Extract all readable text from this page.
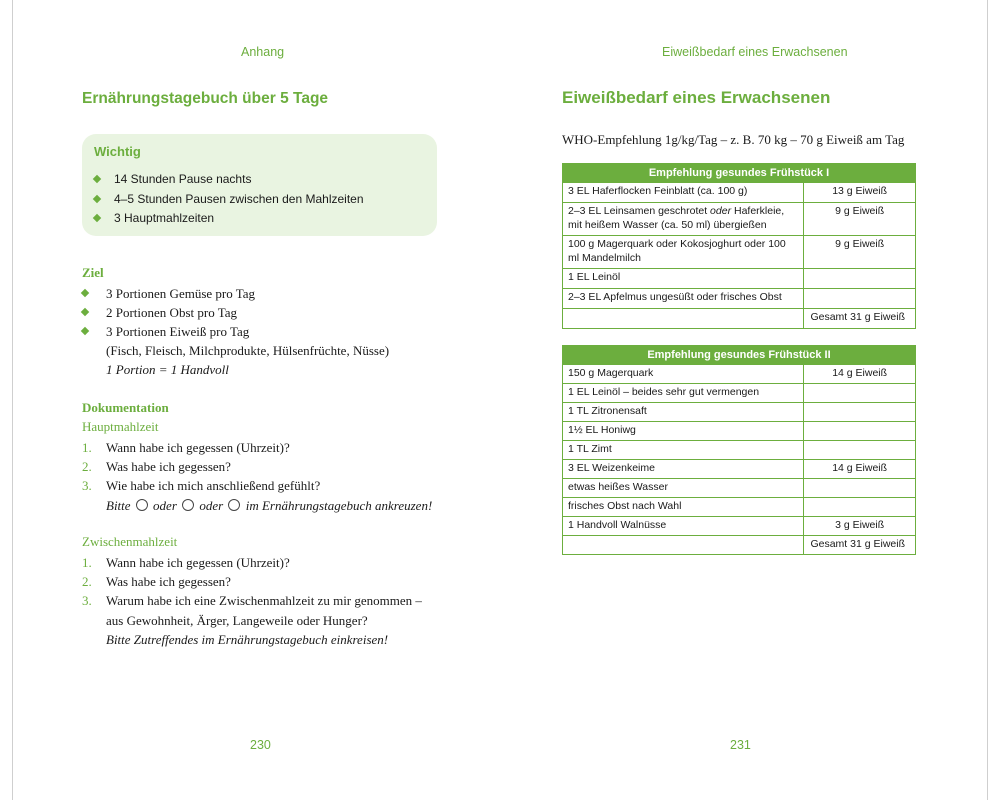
Anhang
Ernährungstagebuch über 5 Tage
Wichtig
14 Stunden Pause nachts
4–5 Stunden Pausen zwischen den Mahlzeiten
3 Hauptmahlzeiten
Ziel
3 Portionen Gemüse pro Tag
2 Portionen Obst pro Tag
3 Portionen Eiweiß pro Tag
(Fisch, Fleisch, Milchprodukte, Hülsenfrüchte, Nüsse)
1 Portion = 1 Handvoll
Dokumentation
Hauptmahlzeit
1. Wann habe ich gegessen (Uhrzeit)?
2. Was habe ich gegessen?
3. Wie habe ich mich anschließend gefühlt?
Bitte oder oder im Ernährungstagebuch ankreuzen!
Zwischenmahlzeit
1. Wann habe ich gegessen (Uhrzeit)?
2. Was habe ich gegessen?
3. Warum habe ich eine Zwischenmahlzeit zu mir genommen –
aus Gewohnheit, Ärger, Langeweile oder Hunger?
Bitte Zutreffendes im Ernährungstagebuch einkreisen!
230
Eiweißbedarf eines Erwachsenen
Eiweißbedarf eines Erwachsenen
WHO-Empfehlung 1g/kg/Tag – z. B. 70 kg – 70 g Eiweiß am Tag
Empfehlung gesundes Frühstück I	
3 EL Haferflocken Feinblatt (ca. 100 g)	13 g Eiweiß
2–3 EL Leinsamen geschrotet oder Haferkleie, mit heißem Wasser (ca. 50 ml) übergießen	9 g Eiweiß
100 g Magerquark oder Kokosjoghurt oder 100 ml Mandelmilch	9 g Eiweiß
1 EL Leinöl	
2–3 EL Apfelmus ungesüßt oder frisches Obst	
	Gesamt 31 g Eiweiß
Empfehlung gesundes Frühstück II	
150 g Magerquark	14 g Eiweiß
1 EL Leinöl – beides sehr gut vermengen	
1 TL Zitronensaft	
1½ EL Honiwg	
1 TL Zimt	
3 EL Weizenkeime	14 g Eiweiß
etwas heißes Wasser	
frisches Obst nach Wahl	
1 Handvoll Walnüsse	3 g Eiweiß
	Gesamt 31 g Eiweiß
231
